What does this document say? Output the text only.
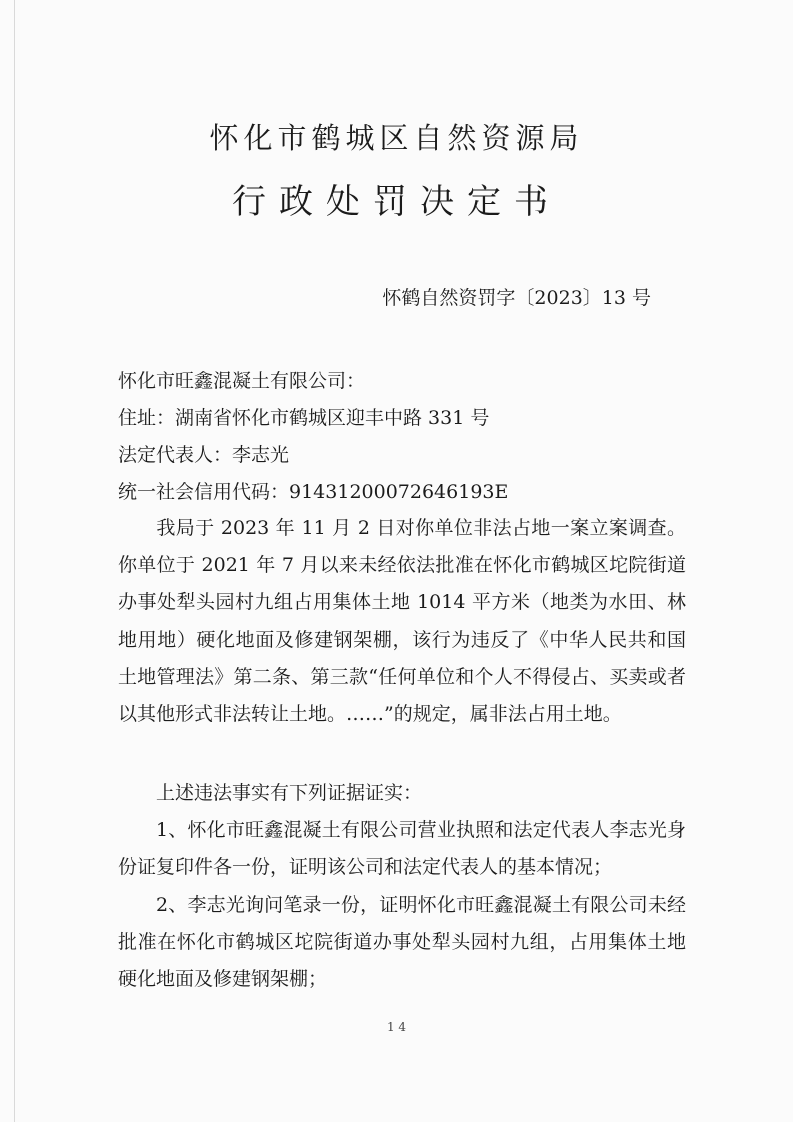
怀化市鹤城区自然资源局
行政处罚决定书
怀鹤自然资罚字〔2023〕13 号
怀化市旺鑫混凝土有限公司：
住址：湖南省怀化市鹤城区迎丰中路 331 号
法定代表人：李志光
统一社会信用代码：91431200072646193E
我局于 2023 年 11 月 2 日对你单位非法占地一案立案调查。你单位于 2021 年 7 月以来未经依法批准在怀化市鹤城区坨院街道办事处犁头园村九组占用集体土地 1014 平方米（地类为水田、林地用地）硬化地面及修建钢架棚，该行为违反了《中华人民共和国土地管理法》第二条、第三款“任何单位和个人不得侵占、买卖或者以其他形式非法转让土地。……”的规定，属非法占用土地。
上述违法事实有下列证据证实：
1、怀化市旺鑫混凝土有限公司营业执照和法定代表人李志光身份证复印件各一份，证明该公司和法定代表人的基本情况；
2、李志光询问笔录一份，证明怀化市旺鑫混凝土有限公司未经批准在怀化市鹤城区坨院街道办事处犁头园村九组，占用集体土地硬化地面及修建钢架棚；
1 4
